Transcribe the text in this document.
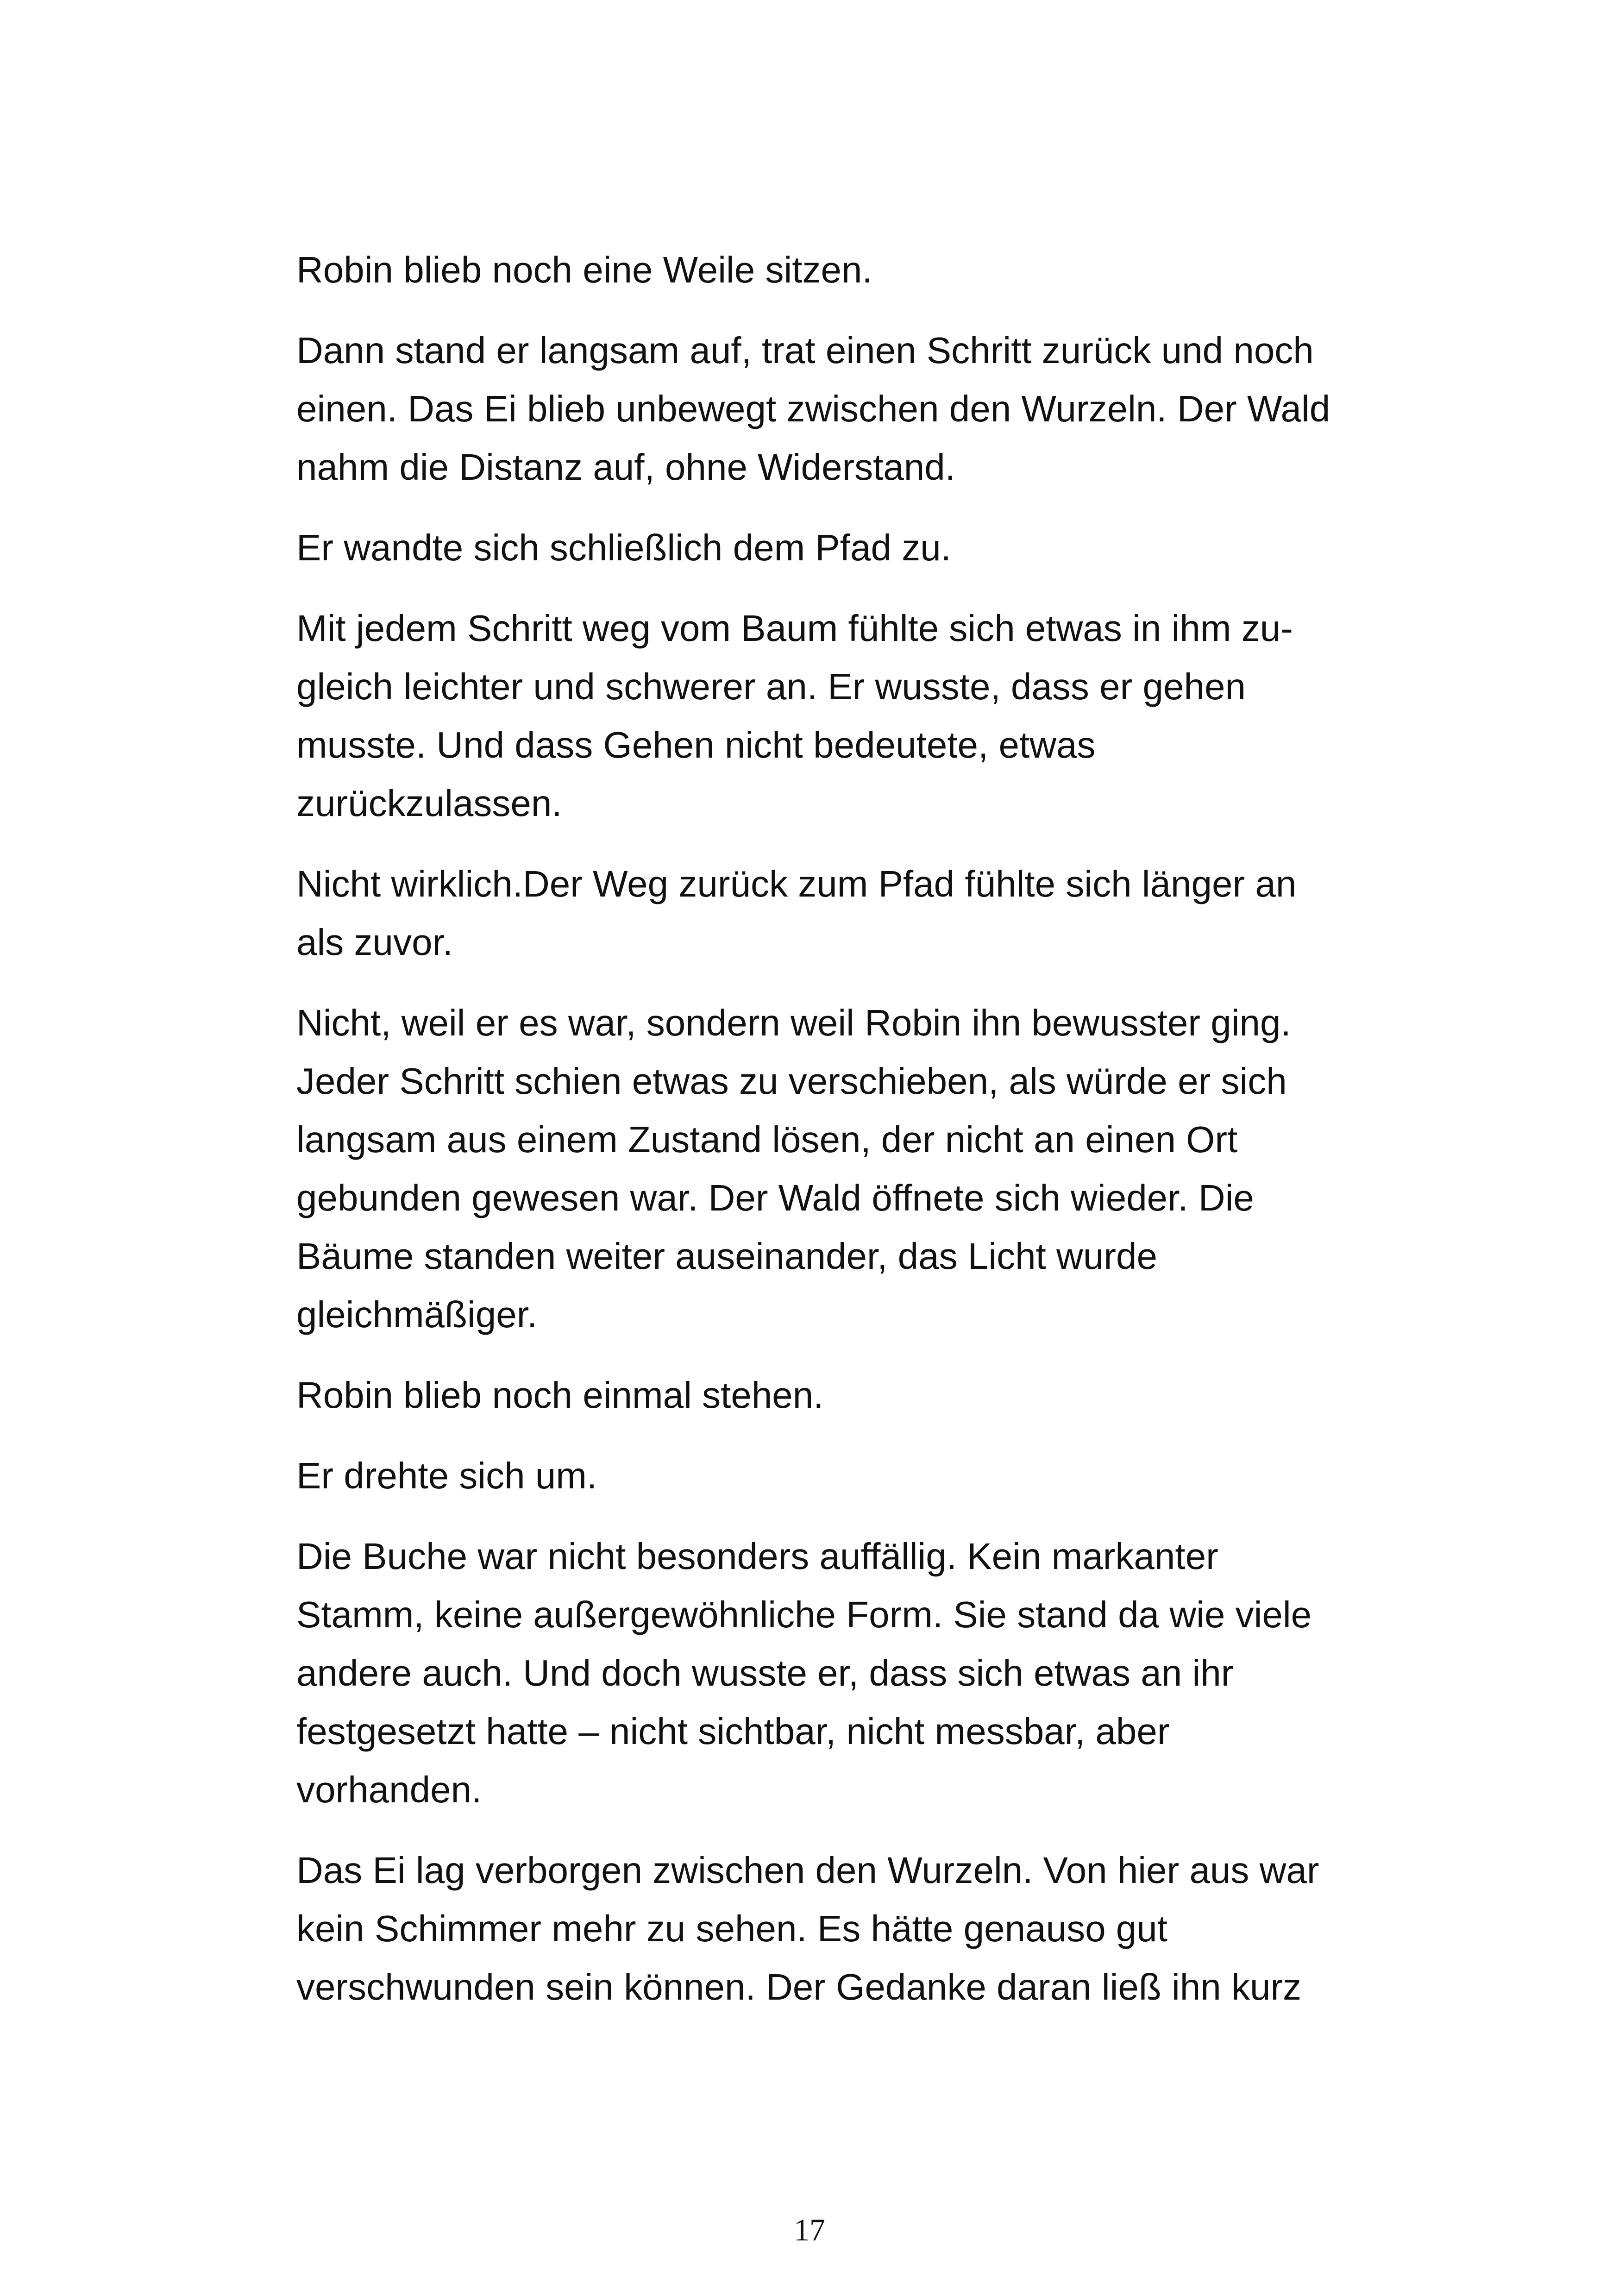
Robin blieb noch eine Weile sitzen.

Dann stand er langsam auf, trat einen Schritt zurück und noch
einen. Das Ei blieb unbewegt zwischen den Wurzeln. Der Wald
nahm die Distanz auf, ohne Widerstand.

Er wandte sich schließlich dem Pfad zu.

Mit jedem Schritt weg vom Baum fühlte sich etwas in ihm zu-
gleich leichter und schwerer an. Er wusste, dass er gehen
musste. Und dass Gehen nicht bedeutete, etwas
zurückzulassen.

Nicht wirklich.Der Weg zurück zum Pfad fühlte sich länger an
als zuvor.

Nicht, weil er es war, sondern weil Robin ihn bewusster ging.
Jeder Schritt schien etwas zu verschieben, als würde er sich
langsam aus einem Zustand lösen, der nicht an einen Ort
gebunden gewesen war. Der Wald öffnete sich wieder. Die
Bäume standen weiter auseinander, das Licht wurde
gleichmäßiger.

Robin blieb noch einmal stehen.

Er drehte sich um.

Die Buche war nicht besonders auffällig. Kein markanter
Stamm, keine außergewöhnliche Form. Sie stand da wie viele
andere auch. Und doch wusste er, dass sich etwas an ihr
festgesetzt hatte – nicht sichtbar, nicht messbar, aber
vorhanden.

Das Ei lag verborgen zwischen den Wurzeln. Von hier aus war
kein Schimmer mehr zu sehen. Es hätte genauso gut
verschwunden sein können. Der Gedanke daran ließ ihn kurz

17
